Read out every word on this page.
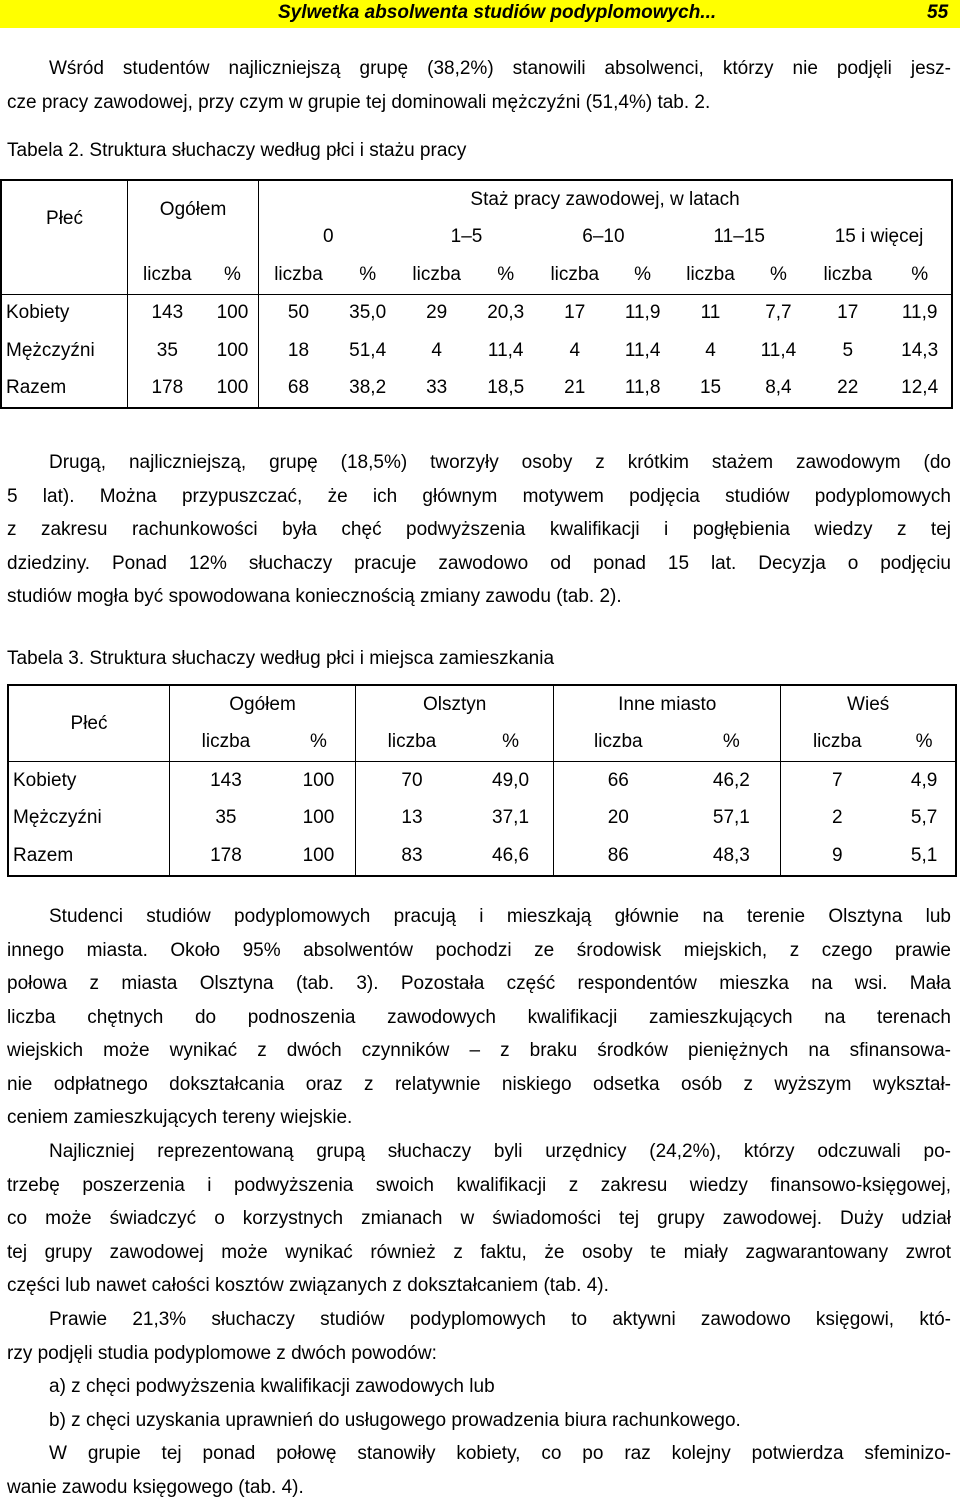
Sylwetka absolwenta studiów podyplomowych...	55
Wśród studentów najliczniejszą grupę (38,2%) stanowili absolwenci, którzy nie podjęli jesz-
cze pracy zawodowej, przy czym w grupie tej dominowali mężczyźni (51,4%) tab. 2.
Tabela 2. Struktura słuchaczy według płci i stażu pracy
Płeć	Ogółem		Staż pracy zawodowej, w latach									
			0		1–5		6–10		11–15		15 i więcej	
	liczba	%	liczba	%	liczba	%	liczba	%	liczba	%	liczba	%
Kobiety	143	100	50	35,0	29	20,3	17	11,9	11	7,7	17	11,9
Mężczyźni	35	100	18	51,4	4	11,4	4	11,4	4	11,4	5	14,3
Razem	178	100	68	38,2	33	18,5	21	11,8	15	8,4	22	12,4
Drugą, najliczniejszą, grupę (18,5%) tworzyły osoby z krótkim stażem zawodowym (do
5 lat). Można przypuszczać, że ich głównym motywem podjęcia studiów podyplomowych
z zakresu rachunkowości była chęć podwyższenia kwalifikacji i pogłębienia wiedzy z tej
dziedziny. Ponad 12% słuchaczy pracuje zawodowo od ponad 15 lat. Decyzja o podjęciu
studiów mogła być spowodowana koniecznością zmiany zawodu (tab. 2).
Tabela 3. Struktura słuchaczy według płci i miejsca zamieszkania
Płeć	Ogółem		Olsztyn		Inne miasto		Wieś	
	liczba	%	liczba	%	liczba	%	liczba	%
Kobiety	143	100	70	49,0	66	46,2	7	4,9
Mężczyźni	35	100	13	37,1	20	57,1	2	5,7
Razem	178	100	83	46,6	86	48,3	9	5,1
Studenci studiów podyplomowych pracują i mieszkają głównie na terenie Olsztyna lub
innego miasta. Około 95% absolwentów pochodzi ze środowisk miejskich, z czego prawie
połowa z miasta Olsztyna (tab. 3). Pozostała część respondentów mieszka na wsi. Mała
liczba chętnych do podnoszenia zawodowych kwalifikacji zamieszkujących na terenach
wiejskich może wynikać z dwóch czynników – z braku środków pieniężnych na sfinansowa-
nie odpłatnego dokształcania oraz z relatywnie niskiego odsetka osób z wyższym wykształ-
ceniem zamieszkujących tereny wiejskie.
Najliczniej reprezentowaną grupą słuchaczy byli urzędnicy (24,2%), którzy odczuwali po-
trzebę poszerzenia i podwyższenia swoich kwalifikacji z zakresu wiedzy finansowo-księgowej,
co może świadczyć o korzystnych zmianach w świadomości tej grupy zawodowej. Duży udział
tej grupy zawodowej może wynikać również z faktu, że osoby te miały zagwarantowany zwrot
części lub nawet całości kosztów związanych z dokształcaniem (tab. 4).
Prawie 21,3% słuchaczy studiów podyplomowych to aktywni zawodowo księgowi, któ-
rzy podjęli studia podyplomowe z dwóch powodów:
a) z chęci podwyższenia kwalifikacji zawodowych lub
b) z chęci uzyskania uprawnień do usługowego prowadzenia biura rachunkowego.
W grupie tej ponad połowę stanowiły kobiety, co po raz kolejny potwierdza sfeminizo-
wanie zawodu księgowego (tab. 4).
